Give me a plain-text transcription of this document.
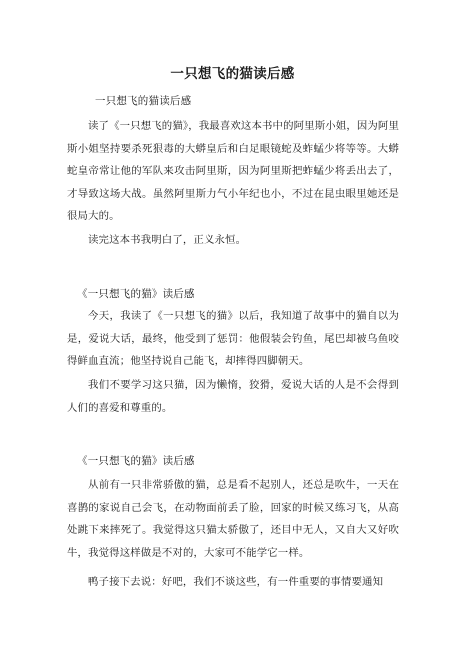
一只想飞的猫读后感
一只想飞的猫读后感

读了《一只想飞的猫》，我最喜欢这本书中的阿里斯小姐，因为阿里斯小姐坚持要杀死狠毒的大蟒皇后和白足眼镜蛇及蚱蜢少将等等。大蟒蛇皇帝常让他的军队来攻击阿里斯，因为阿里斯把蚱蜢少将丢出去了，才导致这场大战。虽然阿里斯力气小年纪也小，不过在昆虫眼里她还是很局大的。

读完这本书我明白了，正义永恒。

《一只想飞的猫》读后感

今天，我读了《一只想飞的猫》以后，我知道了故事中的猫自以为是，爱说大话，最终，他受到了惩罚：他假装会钓鱼，尾巴却被乌鱼咬得鲜血直流；他坚持说自己能飞，却摔得四脚朝天。

我们不要学习这只猫，因为懒惰，狡猾，爱说大话的人是不会得到人们的喜爱和尊重的。

《一只想飞的猫》读后感

从前有一只非常骄傲的猫，总是看不起别人，还总是吹牛，一天在喜鹊的家说自己会飞，在动物面前丢了脸，回家的时候又练习飞，从高处跳下来摔死了。我觉得这只猫太骄傲了，还目中无人，又自大又好吹牛，我觉得这样做是不对的，大家可不能学它一样。

鸭子接下去说：好吧，我们不谈这些，有一件重要的事情要通知
